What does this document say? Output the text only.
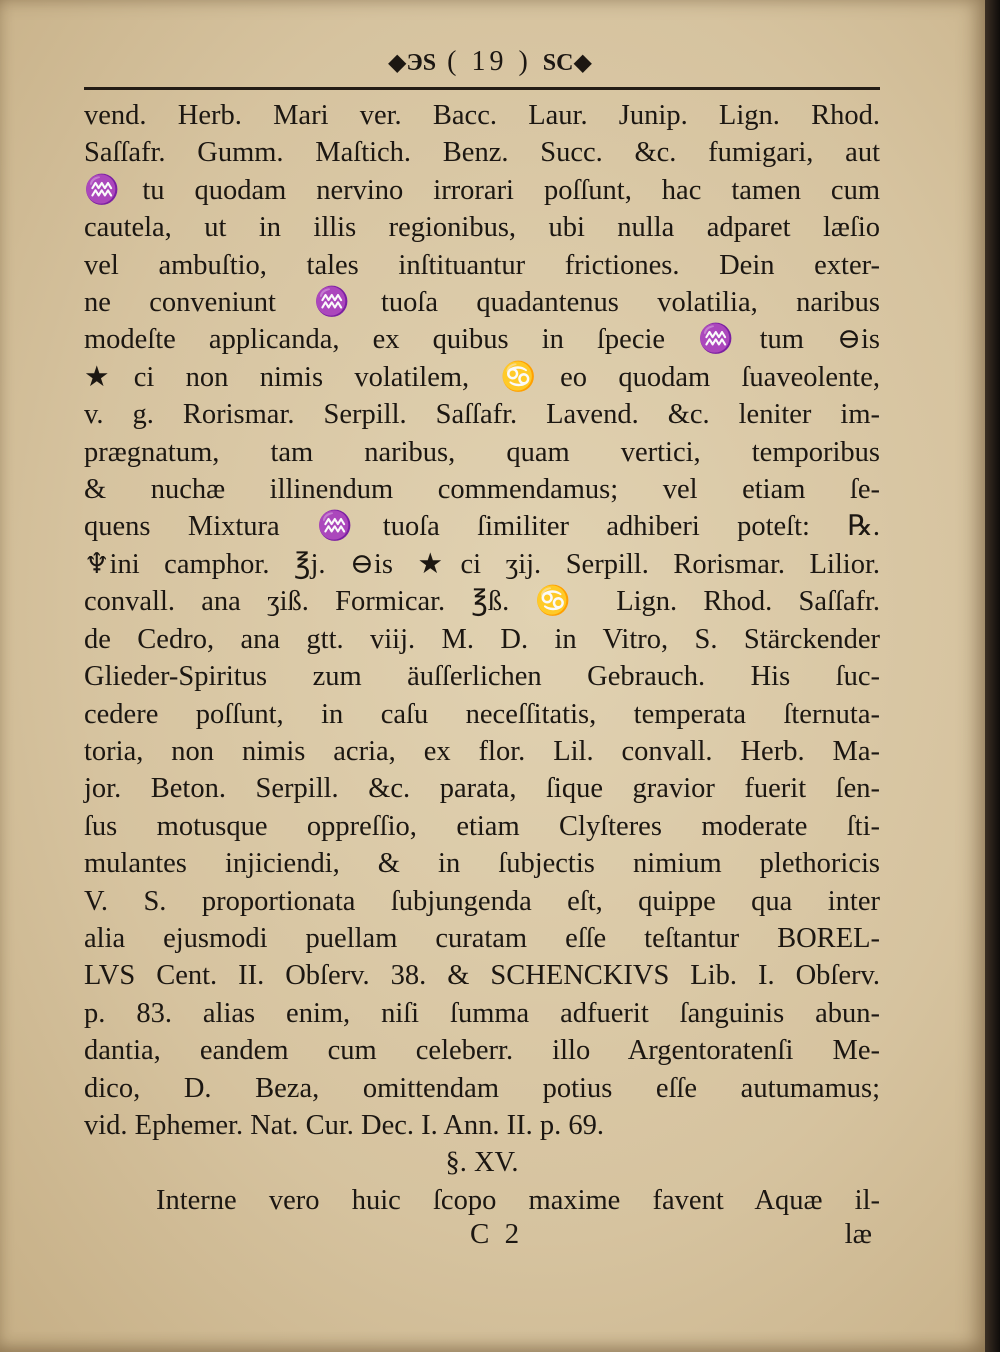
◆ЭS ( 19 ) SC◆
vend. Herb. Mari ver. Bacc. Laur. Junip. Lign. Rhod.
Saſſafr. Gumm. Maſtich. Benz. Succ. &c. fumigari, aut
♒tu quodam nervino irrorari poſſunt, hac tamen cum
cautela, ut in illis regionibus, ubi nulla adparet læſio
vel ambuſtio, tales inſtituantur frictiones. Dein exter-
ne conveniunt ♒tuoſa quadantenus volatilia, naribus
modeſte applicanda, ex quibus in ſpecie ♒tum ⊖is
★ci non nimis volatilem, ♋eo quodam ſuaveolente,
v. g. Rorismar. Serpill. Saſſafr. Lavend. &c. leniter im-
prægnatum, tam naribus, quam vertici, temporibus
& nuchæ illinendum commendamus; vel etiam ſe-
quens Mixtura ♒tuoſa ſimiliter adhiberi poteſt: ℞.
♆ini camphor. ℥j. ⊖is ★ci ʒij. Serpill. Rorismar. Lilior.
convall. ana ʒiß. Formicar. ℥ß. ♋ Lign. Rhod. Saſſafr.
de Cedro, ana gtt. viij. M. D. in Vitro, S. Stärckender
Glieder-Spiritus zum äuſſerlichen Gebrauch. His ſuc-
cedere poſſunt, in caſu neceſſitatis, temperata ſternuta-
toria, non nimis acria, ex flor. Lil. convall. Herb. Ma-
jor. Beton. Serpill. &c. parata, ſique gravior fuerit ſen-
ſus motusque oppreſſio, etiam Clyſteres moderate ſti-
mulantes injiciendi, & in ſubjectis nimium plethoricis
V. S. proportionata ſubjungenda eſt, quippe qua inter
alia ejusmodi puellam curatam eſſe teſtantur BOREL-
LVS Cent. II. Obſerv. 38. & SCHENCKIVS Lib. I. Obſerv.
p. 83. alias enim, niſi ſumma adfuerit ſanguinis abun-
dantia, eandem cum celeberr. illo Argentoratenſi Me-
dico, D. Beza, omittendam potius eſſe autumamus;
vid. Ephemer. Nat. Cur. Dec. I. Ann. II. p. 69.
§. XV.
Interne vero huic ſcopo maxime favent Aquæ il-
C 2	læ
